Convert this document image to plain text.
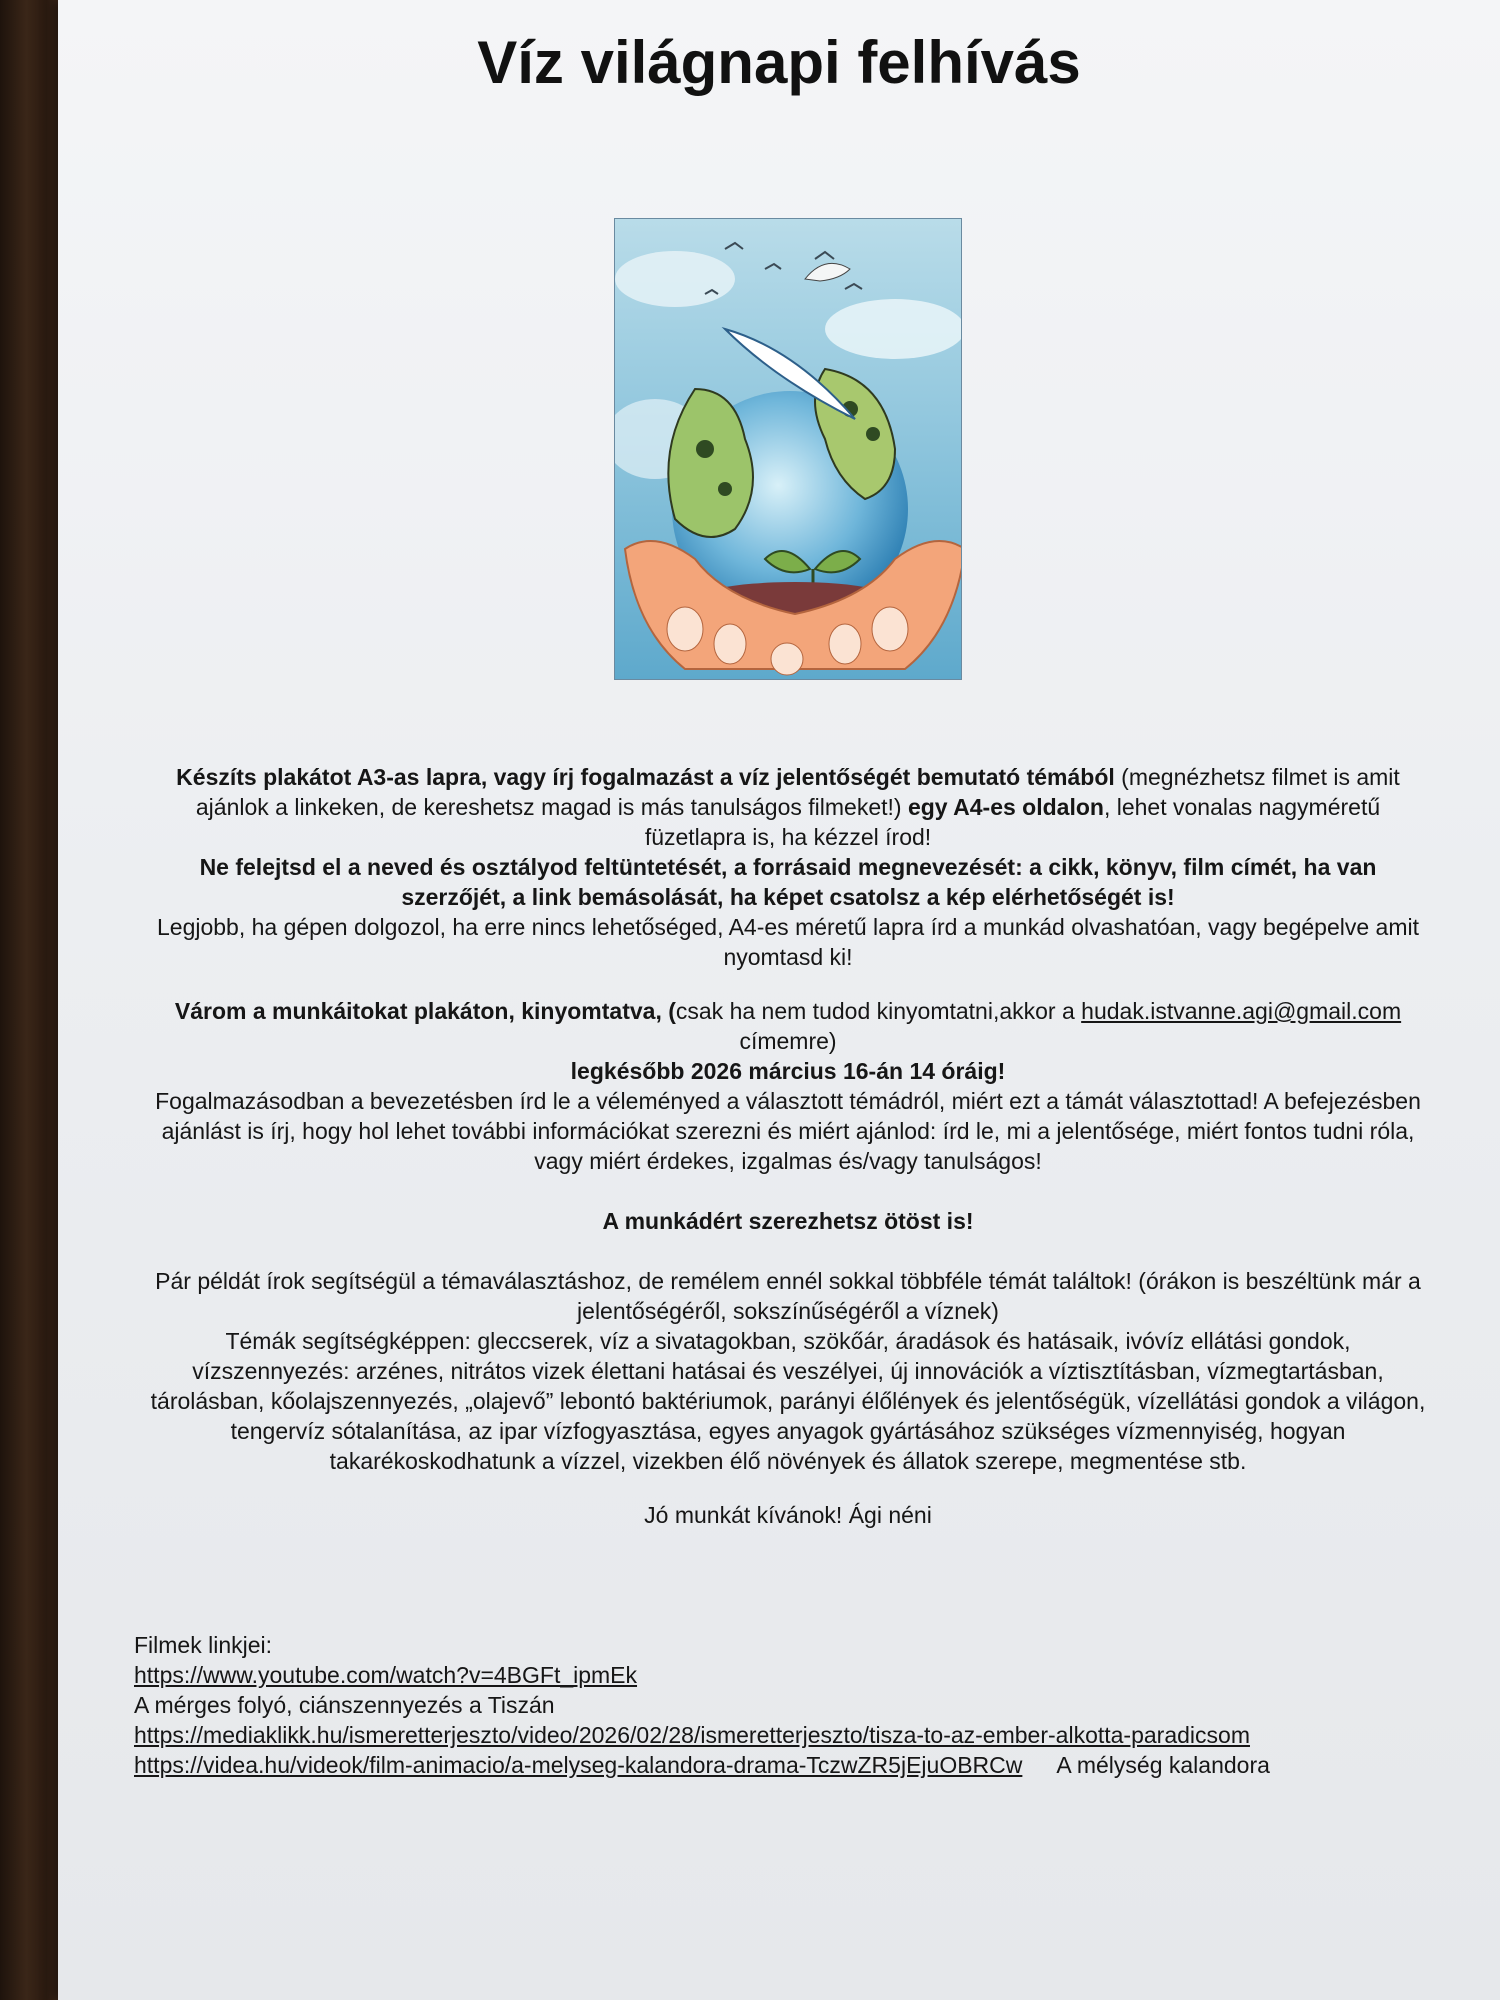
Víz világnapi felhívás

Készíts plakátot A3-as lapra, vagy írj fogalmazást a víz jelentőségét bemutató témából (megnézhetsz filmet is amit ajánlok a linkeken, de kereshetsz magad is más tanulságos filmeket!) egy A4-es oldalon, lehet vonalas nagyméretű füzetlapra is, ha kézzel írod!

Ne felejtsd el a neved és osztályod feltüntetését, a forrásaid megnevezését: a cikk, könyv, film címét, ha van szerzőjét, a link bemásolását, ha képet csatolsz a kép elérhetőségét is!

Legjobb, ha gépen dolgozol, ha erre nincs lehetőséged, A4-es méretű lapra írd a munkád olvashatóan, vagy begépelve amit nyomtasd ki!

Várom a munkáitokat plakáton, kinyomtatva, (csak ha nem tudod kinyomtatni,akkor a hudak.istvanne.agi@gmail.com címemre)

legkésőbb 2026 március 16-án 14 óráig!

Fogalmazásodban a bevezetésben írd le a véleményed a választott témádról, miért ezt a támát választottad! A befejezésben ajánlást is írj, hogy hol lehet további információkat szerezni és miért ajánlod: írd le, mi a jelentősége, miért fontos tudni róla, vagy miért érdekes, izgalmas és/vagy tanulságos!

A munkádért szerezhetsz ötöst is!

Pár példát írok segítségül a témaválasztáshoz, de remélem ennél sokkal többféle témát találtok! (órákon is beszéltünk már a jelentőségéről, sokszínűségéről a víznek)

Témák segítségképpen: gleccserek, víz a sivatagokban, szökőár, áradások és hatásaik, ivóvíz ellátási gondok, vízszennyezés: arzénes, nitrátos vizek élettani hatásai és veszélyei, új innovációk a víztisztításban, vízmegtartásban, tárolásban, kőolajszennyezés, „olajevő” lebontó baktériumok, parányi élőlények és jelentőségük, vízellátási gondok a világon, tengervíz sótalanítása, az ipar vízfogyasztása, egyes anyagok gyártásához szükséges vízmennyiség, hogyan takarékoskodhatunk a vízzel, vizekben élő növények és állatok szerepe, megmentése stb.

Jó munkát kívánok! Ági néni

Filmek linkjei:

https://www.youtube.com/watch?v=4BGFt_ipmEk

A mérges folyó, ciánszennyezés a Tiszán

https://mediaklikk.hu/ismeretterjeszto/video/2026/02/28/ismeretterjeszto/tisza-to-az-ember-alkotta-paradicsom

https://videa.hu/videok/film-animacio/a-melyseg-kalandora-drama-TczwZR5jEjuOBRCw A mélység kalandora
